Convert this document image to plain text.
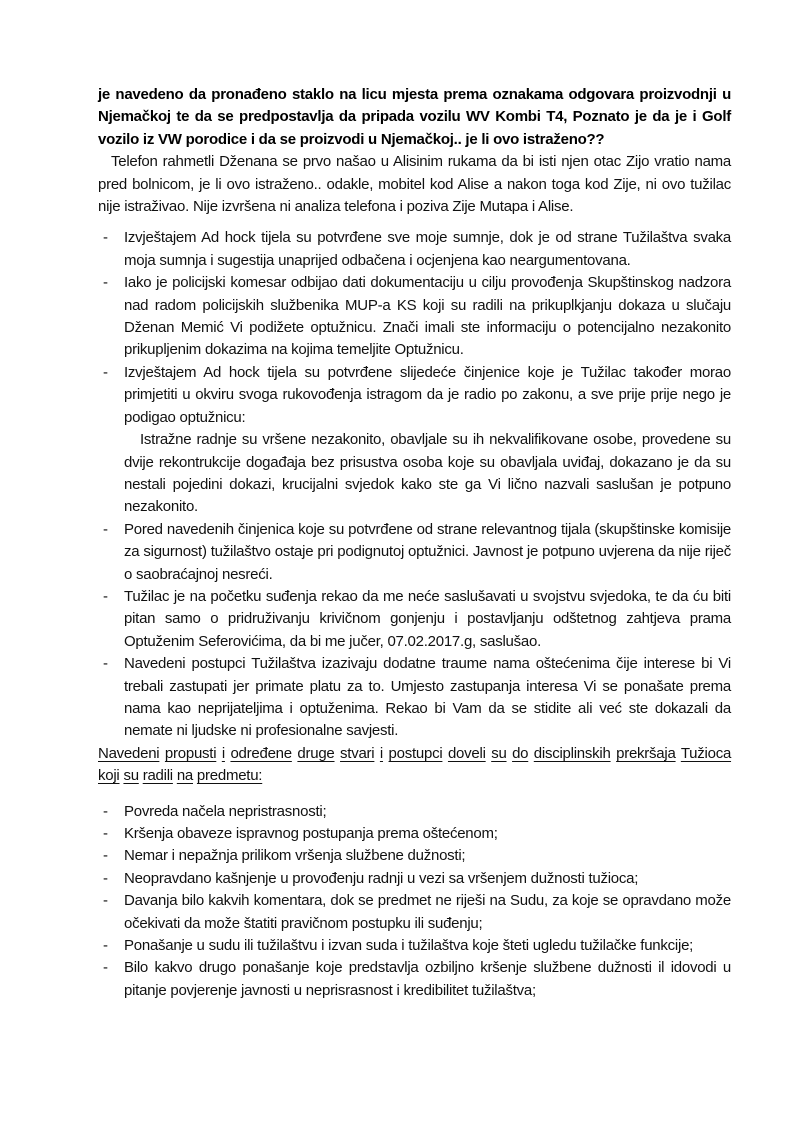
je navedeno da pronađeno staklo na licu mjesta prema oznakama odgovara proizvodnji u Njemačkoj te da se predpostavlja da pripada vozilu WV Kombi T4, Poznato je da je i Golf vozilo iz VW porodice i da se proizvodi u Njemačkoj.. je li ovo istraženo??

Telefon rahmetli Dženana se prvo našao u Alisinim rukama da bi isti njen otac Zijo vratio nama pred bolnicom, je li ovo istraženo.. odakle, mobitel kod Alise a nakon toga kod Zije, ni ovo tužilac nije istraživao. Nije izvršena ni analiza telefona i poziva Zije Mutapa i Alise.

-	Izvještajem Ad hock tijela su potvrđene sve moje sumnje, dok je od strane Tužilaštva svaka moja sumnja i sugestija unaprijed odbačena i ocjenjena kao neargumentovana.
-	Iako je policijski komesar odbijao dati dokumentaciju u cilju provođenja Skupštinskog nadzora nad radom policijskih službenika MUP-a KS koji su radili na prikuplkjanju dokaza u slučaju Dženan Memić Vi podižete optužnicu. Znači imali ste informaciju o potencijalno nezakonito prikupljenim dokazima na kojima temeljite Optužnicu.
-	Izvještajem Ad hock tijela su potvrđene slijedeće činjenice koje je Tužilac također morao primjetiti u okviru svoga rukovođenja istragom da je radio po zakonu, a sve prije prije nego je podigao optužnicu:
Istražne radnje su vršene nezakonito, obavljale su ih nekvalifikovane osobe, provedene su dvije rekontrukcije događaja bez prisustva osoba koje su obavljala uviđaj, dokazano je da su nestali pojedini dokazi, krucijalni svjedok kako ste ga Vi lično nazvali saslušan je potpuno nezakonito.
-	Pored navedenih činjenica koje su potvrđene od strane relevantnog tijala (skupštinske komisije za sigurnost) tužilaštvo ostaje pri podignutoj optužnici. Javnost je potpuno uvjerena da nije riječ o saobraćajnoj nesreći.
-	Tužilac je na početku suđenja rekao da me neće saslušavati u svojstvu svjedoka, te da ću biti pitan samo o pridruživanju krivičnom gonjenju i postavljanju odštetnog zahtjeva prama Optuženim Seferovićima, da bi me jučer, 07.02.2017.g, saslušao.
-	Navedeni postupci Tužilaštva izazivaju dodatne traume nama oštećenima čije interese bi Vi trebali zastupati jer primate platu za to. Umjesto zastupanja interesa Vi se ponašate prema nama kao neprijateljima i optuženima. Rekao bi Vam da se stidite ali već ste dokazali da nemate ni ljudske ni profesionalne savjesti.

Navedeni propusti i određene druge stvari i postupci doveli su do disciplinskih prekršaja Tužioca koji su radili na predmetu:

-	Povreda načela nepristrasnosti;
-	Kršenja obaveze ispravnog postupanja prema oštećenom;
-	Nemar i nepažnja prilikom vršenja službene dužnosti;
-	Neopravdano kašnjenje u provođenju radnji u vezi sa vršenjem dužnosti tužioca;
-	Davanja bilo kakvih komentara, dok se predmet ne riješi na Sudu, za koje se opravdano može očekivati da može štatiti pravičnom postupku ili suđenju;
-	Ponašanje u sudu ili tužilaštvu i izvan suda i tužilaštva koje šteti ugledu tužilačke funkcije;
-	Bilo kakvo drugo ponašanje koje predstavlja ozbiljno kršenje službene dužnosti il idovodi u pitanje povjerenje javnosti u neprisrasnost i kredibilitet tužilaštva;
